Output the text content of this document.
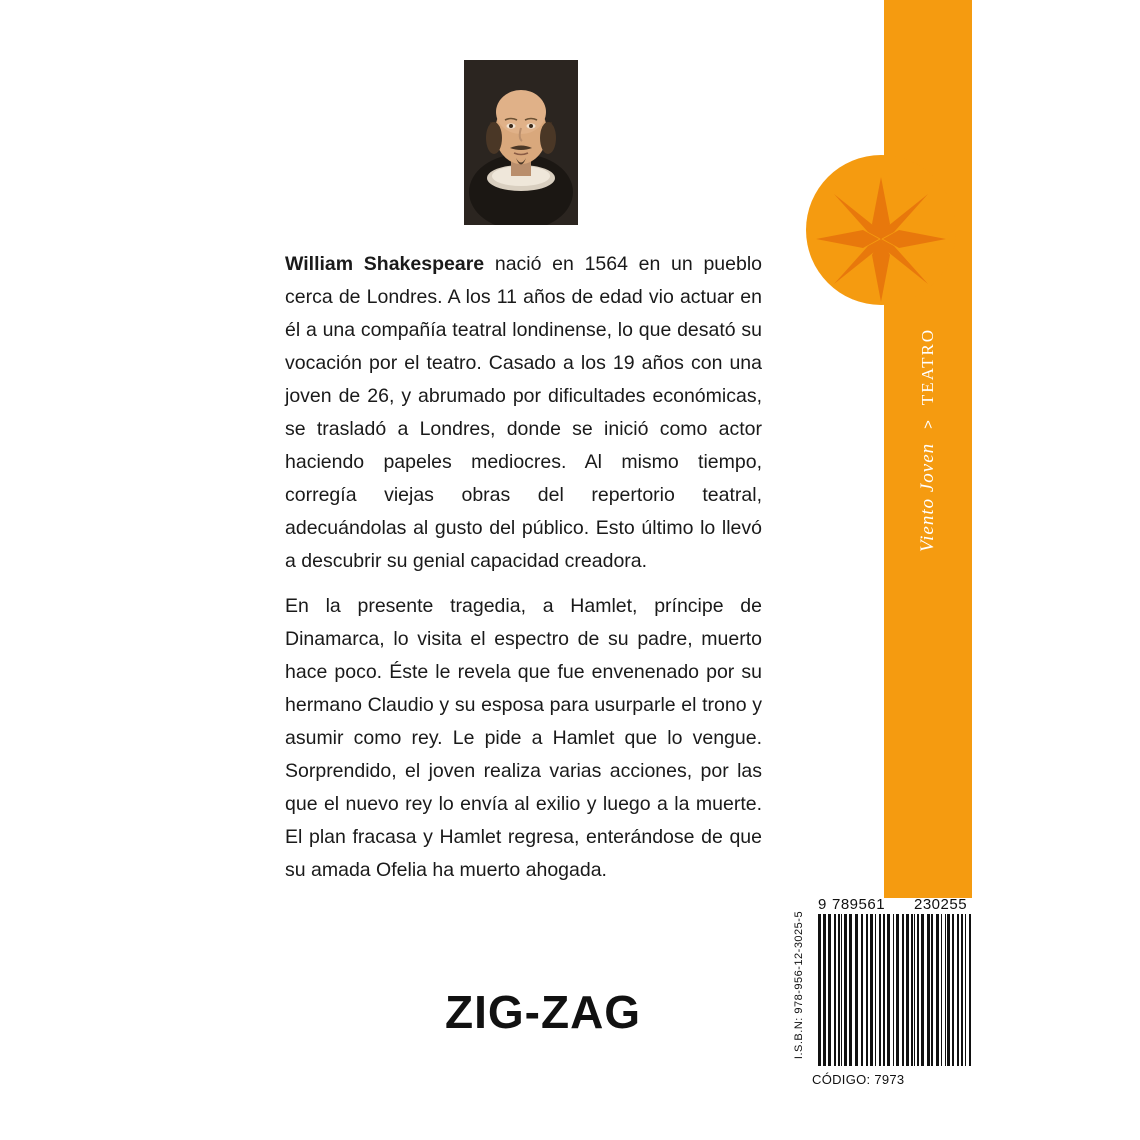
Viento Joven
>
TEATRO

William Shakespeare nació en 1564 en un pueblo cerca de Londres. A los 11 años de edad vio actuar en él a una compañía teatral londinense, lo que desató su vocación por el teatro. Casado a los 19 años con una joven de 26, y abrumado por dificultades económicas, se trasladó a Londres, donde se inició como actor haciendo papeles mediocres. Al mismo tiempo, corregía viejas obras del repertorio teatral, adecuándolas al gusto del público. Esto último lo llevó a descubrir su genial capacidad creadora.

En la presente tragedia, a Hamlet, príncipe de Dinamarca, lo visita el espectro de su padre, muerto hace poco. Éste le revela que fue envenenado por su hermano Claudio y su esposa para usurparle el trono y asumir como rey. Le pide a Hamlet que lo vengue. Sorprendido, el joven realiza varias acciones, por las que el nuevo rey lo envía al exilio y luego a la muerte. El plan fracasa y Hamlet regresa, enterándose de que su amada Ofelia ha muerto ahogada.

ZIG-ZAG	I.S.B.N: 978-956-12-3025-5
9 789561 230255
CÓDIGO: 7973
